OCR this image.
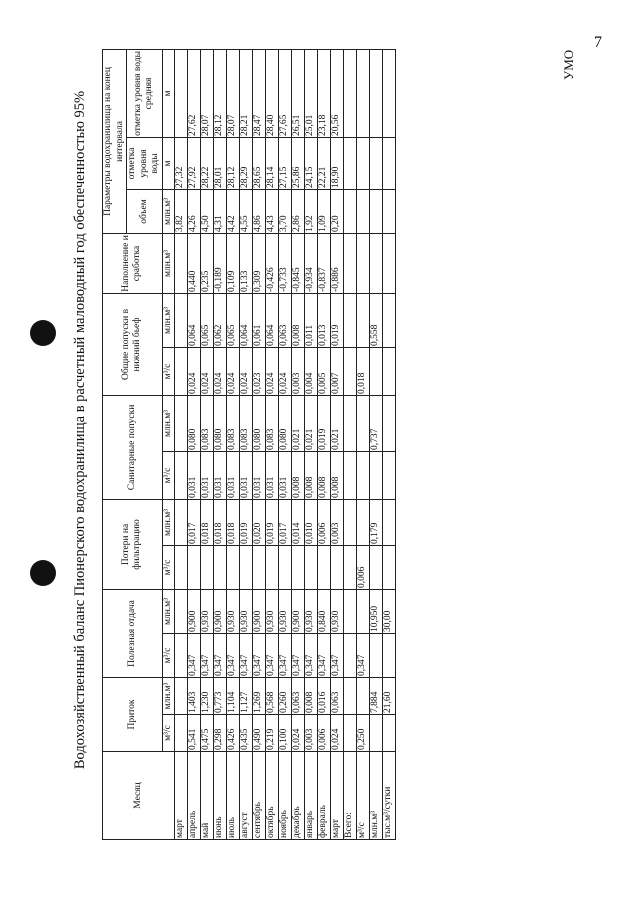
7
Водохозяйственный баланс Пионерского водохранилища в расчетный маловодный год обеспеченностью 95%
Месяц	Приток		Полезная отдача		Потери на фильтрацию		Санитарные попуски		Общие попуски в нижний бьеф		Наполнение и сработка	Параметры водохранилища на конец интервала		
												объем	отметка уровня воды	отметка уровня воды средняя
	м³/с	млн.м³	м³/с	млн.м³	м³/с	млн.м³	м³/с	млн.м³	м³/с	млн.м³	млн.м³	млн.м³	м	м
март												3,82	27,32	
апрель	0,541	1,403	0,347	0,900		0,017	0,031	0,080	0,024	0,064	0,440	4,26	27,92	27,62
май	0,475	1,230	0,347	0,930		0,018	0,031	0,083	0,024	0,065	0,235	4,50	28,22	28,07
июнь	0,298	0,773	0,347	0,900		0,018	0,031	0,080	0,024	0,062	-0,189	4,31	28,01	28,12
июль	0,426	1,104	0,347	0,930		0,018	0,031	0,083	0,024	0,065	0,109	4,42	28,12	28,07
август	0,435	1,127	0,347	0,930		0,019	0,031	0,083	0,024	0,064	0,133	4,55	28,29	28,21
сентябрь	0,490	1,269	0,347	0,900		0,020	0,031	0,080	0,023	0,061	0,309	4,86	28,65	28,47
октябрь	0,219	0,568	0,347	0,930		0,019	0,031	0,083	0,024	0,064	-0,426	4,43	28,14	28,40
ноябрь	0,100	0,260	0,347	0,930		0,017	0,031	0,080	0,024	0,063	-0,733	3,70	27,15	27,65
декабрь	0,024	0,063	0,347	0,900		0,014	0,008	0,021	0,003	0,008	-0,845	2,86	25,86	26,51
январь	0,003	0,008	0,347	0,930		0,010	0,008	0,021	0,004	0,011	-0,934	1,92	24,15	25,01
февраль	0,006	0,016	0,347	0,840		0,006	0,008	0,019	0,005	0,013	-0,837	1,09	22,21	23,18
март	0,024	0,063	0,347	0,930		0,003	0,008	0,021	0,007	0,019	-0,886	0,20	18,90	20,56
Всего:														
м³/с	0,250		0,347		0,006				0,018					
млн.м³		7,884		10,950		0,179		0,737		0,558				
тыс.м³/сутки		21,60		30,00										
УМО
